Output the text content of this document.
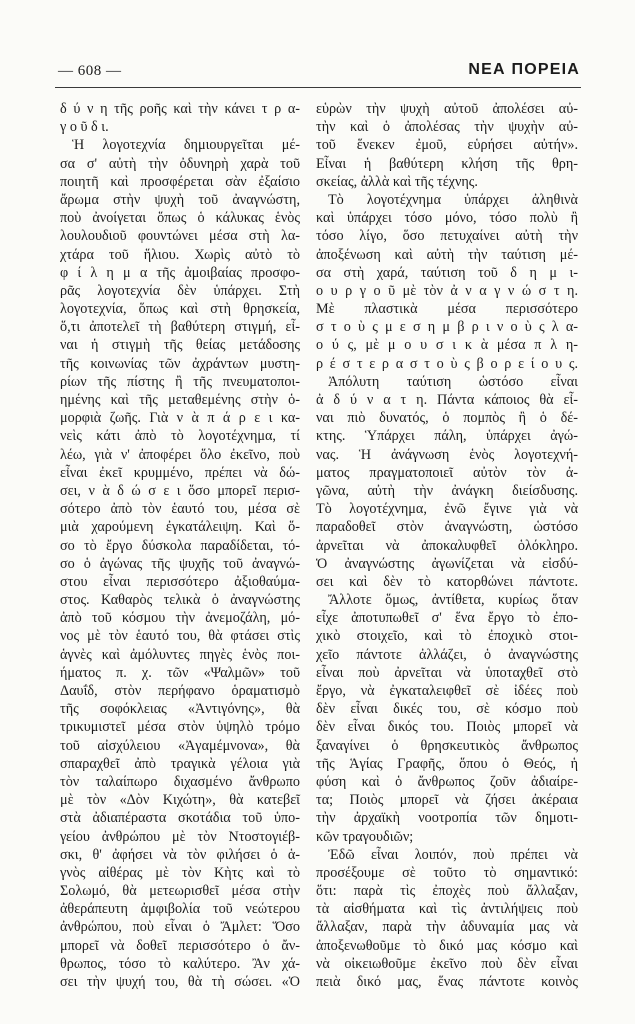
— 608 —	ΝΕΑ ΠΟΡΕΙΑ
δ ύ ν η τῆς ροῆς καὶ τὴν κάνει τ ρ α-
γ ο ῦ δ ι.
Ἡ λογοτεχνία δημιουργεῖται μέ-
σα σ' αὐτὴ τὴν ὀδυνηρὴ χαρὰ τοῦ
ποιητῆ καὶ προσφέρεται σὰν ἐξαίσιο
ἄρωμα στὴν ψυχὴ τοῦ ἀναγνώστη,
ποὺ ἀνοίγεται ὅπως ὁ κάλυκας ἑνὸς
λουλουδιοῦ φουντώνει μέσα στὴ λα-
χτάρα τοῦ ἥλιου. Χωρὶς αὐτὸ τὸ
φ ί λ η μ α τῆς ἀμοιβαίας προσφο-
ρᾶς λογοτεχνία δὲν ὑπάρχει. Στὴ
λογοτεχνία, ὅπως καὶ στὴ θρησκεία,
ὅ,τι ἀποτελεῖ τὴ βαθύτερη στιγμή, εἶ-
ναι ἡ στιγμὴ τῆς θείας μετάδοσης
τῆς κοινωνίας τῶν ἀχράντων μυστη-
ρίων τῆς πίστης ἢ τῆς πνευματοποι-
ημένης καὶ τῆς μεταθεμένης στὴν ὁ-
μορφιὰ ζωῆς. Γιὰ ν ὰ π ά ρ ε ι κα-
νεὶς κάτι ἀπὸ τὸ λογοτέχνημα, τί
λέω, γιὰ ν' ἀποφέρει ὅλο ἐκεῖνο, ποὺ
εἶναι ἐκεῖ κρυμμένο, πρέπει νὰ δώ-
σει, ν ὰ δ ώ σ ε ι ὅσο μπορεῖ περισ-
σότερο ἀπὸ τὸν ἑαυτό του, μέσα σὲ
μιὰ χαρούμενη ἐγκατάλειψη. Καὶ ὅ-
σο τὸ ἔργο δύσκολα παραδίδεται, τό-
σο ὁ ἀγώνας τῆς ψυχῆς τοῦ ἀναγνώ-
στου εἶναι περισσότερο ἀξιοθαύμα-
στος. Καθαρὸς τελικὰ ὁ ἀναγνώστης
ἀπὸ τοῦ κόσμου τὴν ἀνεμοζάλη, μό-
νος μὲ τὸν ἑαυτό του, θὰ φτάσει στὶς
ἁγνὲς καὶ ἀμόλυντες πηγὲς ἑνὸς ποι-
ήματος π. χ. τῶν «Ψαλμῶν» τοῦ
Δαυΐδ, στὸν περήφανο ὁραματισμὸ
τῆς σοφόκλειας «Ἀντιγόνης», θὰ
τρικυμιστεῖ μέσα στὸν ὑψηλὸ τρόμο
τοῦ αἰσχύλειου «Ἀγαμέμνονα», θὰ
σπαραχθεῖ ἀπὸ τραγικὰ γέλοια γιὰ
τὸν ταλαίπωρο διχασμένο ἄνθρωπο
μὲ τὸν «Δὸν Κιχώτη», θὰ κατεβεῖ
στὰ ἀδιαπέραστα σκοτάδια τοῦ ὑπο-
γείου ἀνθρώπου μὲ τὸν Ντοστογιέβ-
σκι, θ' ἀφήσει νὰ τὸν φιλήσει ὁ ἁ-
γνὸς αἰθέρας μὲ τὸν Κὴτς καὶ τὸ
Σολωμό, θὰ μετεωρισθεῖ μέσα στὴν
ἀθεράπευτη ἀμφιβολία τοῦ νεώτερου
ἀνθρώπου, ποὺ εἶναι ὁ Ἄμλετ: Ὅσο
μπορεῖ νὰ δοθεῖ περισσότερο ὁ ἄν-
θρωπος, τόσο τὸ καλύτερο. Ἂν χά-
σει τὴν ψυχή του, θὰ τὴ σώσει. «Ὁ
εὑρὼν τὴν ψυχὴ αὐτοῦ ἀπολέσει αὐ-
τὴν καὶ ὁ ἀπολέσας τὴν ψυχὴν αὐ-
τοῦ ἕνεκεν ἐμοῦ, εὑρήσει αὐτήν».
Εἶναι ἡ βαθύτερη κλήση τῆς θρη-
σκείας, ἀλλὰ καὶ τῆς τέχνης.
Τὸ λογοτέχνημα ὑπάρχει ἀληθινὰ
καὶ ὑπάρχει τόσο μόνο, τόσο πολὺ ἢ
τόσο λίγο, ὅσο πετυχαίνει αὐτὴ τὴν
ἀποξένωση καὶ αὐτὴ τὴν ταύτιση μέ-
σα στὴ χαρά, ταύτιση τοῦ δ η μ ι-
ο υ ρ γ ο ῦ μὲ τὸν ἀ ν α γ ν ώ σ τ η.
Μὲ πλαστικὰ μέσα περισσότερο
σ τ ο ὺ ς μ ε σ η μ β ρ ι ν ο ὺ ς λ α-
ο ύ ς, μὲ μ ο υ σ ι κ ὰ μέσα π λ η-
ρ έ σ τ ε ρ α σ τ ο ὺ ς β ο ρ ε ί ο υ ς.
Ἀπόλυτη ταύτιση ὡστόσο εἶναι
ἀ δ ύ ν α τ η. Πάντα κάποιος θὰ εἶ-
ναι πιὸ δυνατός, ὁ πομπὸς ἢ ὁ δέ-
κτης. Ὑπάρχει πάλη, ὑπάρχει ἀγώ-
νας. Ἡ ἀνάγνωση ἑνὸς λογοτεχνή-
ματος πραγματοποιεῖ αὐτὸν τὸν ἀ-
γῶνα, αὐτὴ τὴν ἀνάγκη διείσδυσης.
Τὸ λογοτέχνημα, ἐνῶ ἔγινε γιὰ νὰ
παραδοθεῖ στὸν ἀναγνώστη, ὡστόσο
ἀρνεῖται νὰ ἀποκαλυφθεῖ ὁλόκληρο.
Ὁ ἀναγνώστης ἀγωνίζεται νὰ εἰσδύ-
σει καὶ δὲν τὸ κατορθώνει πάντοτε.
Ἄλλοτε ὅμως, ἀντίθετα, κυρίως ὅταν
εἶχε ἀποτυπωθεῖ σ' ἕνα ἔργο τὸ ἐπο-
χικὸ στοιχεῖο, καὶ τὸ ἐποχικὸ στοι-
χεῖο πάντοτε ἀλλάζει, ὁ ἀναγνώστης
εἶναι ποὺ ἀρνεῖται νὰ ὑποταχθεῖ στὸ
ἔργο, νὰ ἐγκαταλειφθεῖ σὲ ἰδέες ποὺ
δὲν εἶναι δικές του, σὲ κόσμο ποὺ
δὲν εἶναι δικός του. Ποιὸς μπορεῖ νὰ
ξαναγίνει ὁ θρησκευτικὸς ἄνθρωπος
τῆς Ἁγίας Γραφῆς, ὅπου ὁ Θεός, ἡ
φύση καὶ ὁ ἄνθρωπος ζοῦν ἀδιαίρε-
τα; Ποιὸς μπορεῖ νὰ ζήσει ἀκέραια
τὴν ἀρχαϊκὴ νοοτροπία τῶν δημοτι-
κῶν τραγουδιῶν;
Ἐδῶ εἶναι λοιπόν, ποὺ πρέπει νὰ
προσέξουμε σὲ τοῦτο τὸ σημαντικό:
ὅτι: παρὰ τὶς ἐποχὲς ποὺ ἄλλαξαν,
τὰ αἰσθήματα καὶ τὶς ἀντιλήψεις ποὺ
ἄλλαξαν, παρὰ τὴν ἀδυναμία μας νὰ
ἀποξενωθοῦμε τὸ δικό μας κόσμο καὶ
νὰ οἰκειωθοῦμε ἐκεῖνο ποὺ δὲν εἶναι
πειὰ δικό μας, ἕνας πάντοτε κοινὸς
